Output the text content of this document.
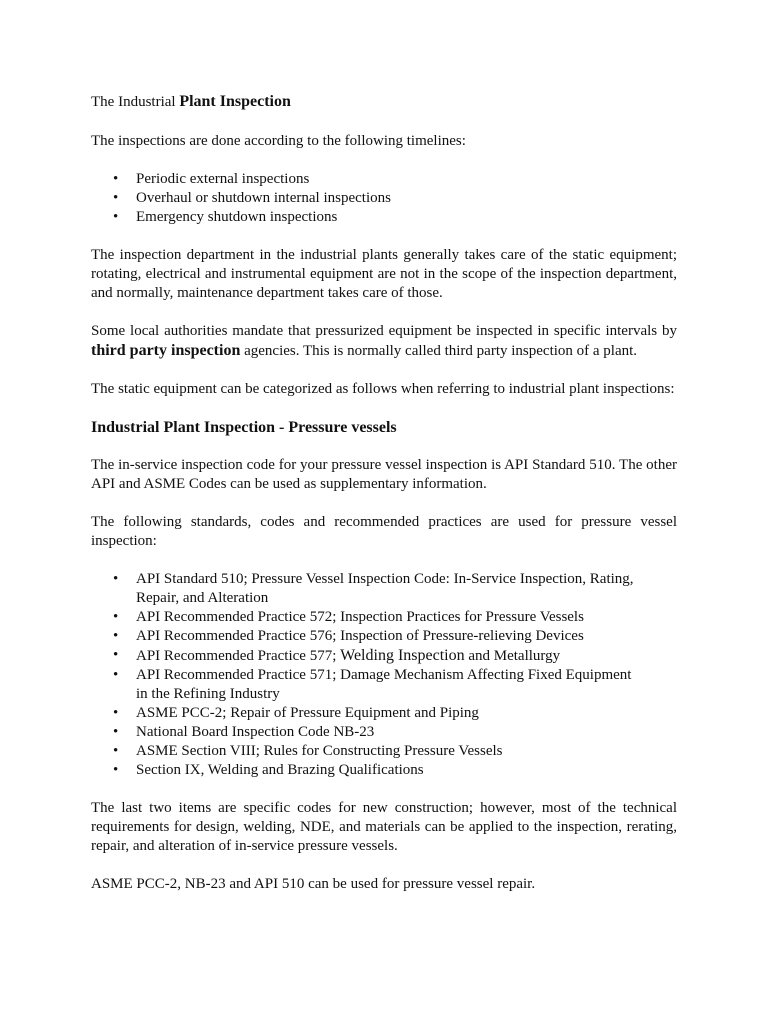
The Industrial Plant Inspection

The inspections are done according to the following timelines:

• Periodic external inspections
• Overhaul or shutdown internal inspections
• Emergency shutdown inspections

The inspection department in the industrial plants generally takes care of the static equipment; rotating, electrical and instrumental equipment are not in the scope of the inspection department, and normally, maintenance department takes care of those.

Some local authorities mandate that pressurized equipment be inspected in specific intervals by third party inspection agencies. This is normally called third party inspection of a plant.

The static equipment can be categorized as follows when referring to industrial plant inspections:

Industrial Plant Inspection - Pressure vessels

The in-service inspection code for your pressure vessel inspection is API Standard 510. The other API and ASME Codes can be used as supplementary information.

The following standards, codes and recommended practices are used for pressure vessel inspection:

• API Standard 510; Pressure Vessel Inspection Code: In-Service Inspection, Rating, Repair, and Alteration
• API Recommended Practice 572; Inspection Practices for Pressure Vessels
• API Recommended Practice 576; Inspection of Pressure-relieving Devices
• API Recommended Practice 577; Welding Inspection and Metallurgy
• API Recommended Practice 571; Damage Mechanism Affecting Fixed Equipment in the Refining Industry
• ASME PCC-2; Repair of Pressure Equipment and Piping
• National Board Inspection Code NB-23
• ASME Section VIII; Rules for Constructing Pressure Vessels
• Section IX, Welding and Brazing Qualifications

The last two items are specific codes for new construction; however, most of the technical requirements for design, welding, NDE, and materials can be applied to the inspection, rerating, repair, and alteration of in-service pressure vessels.

ASME PCC-2, NB-23 and API 510 can be used for pressure vessel repair.
